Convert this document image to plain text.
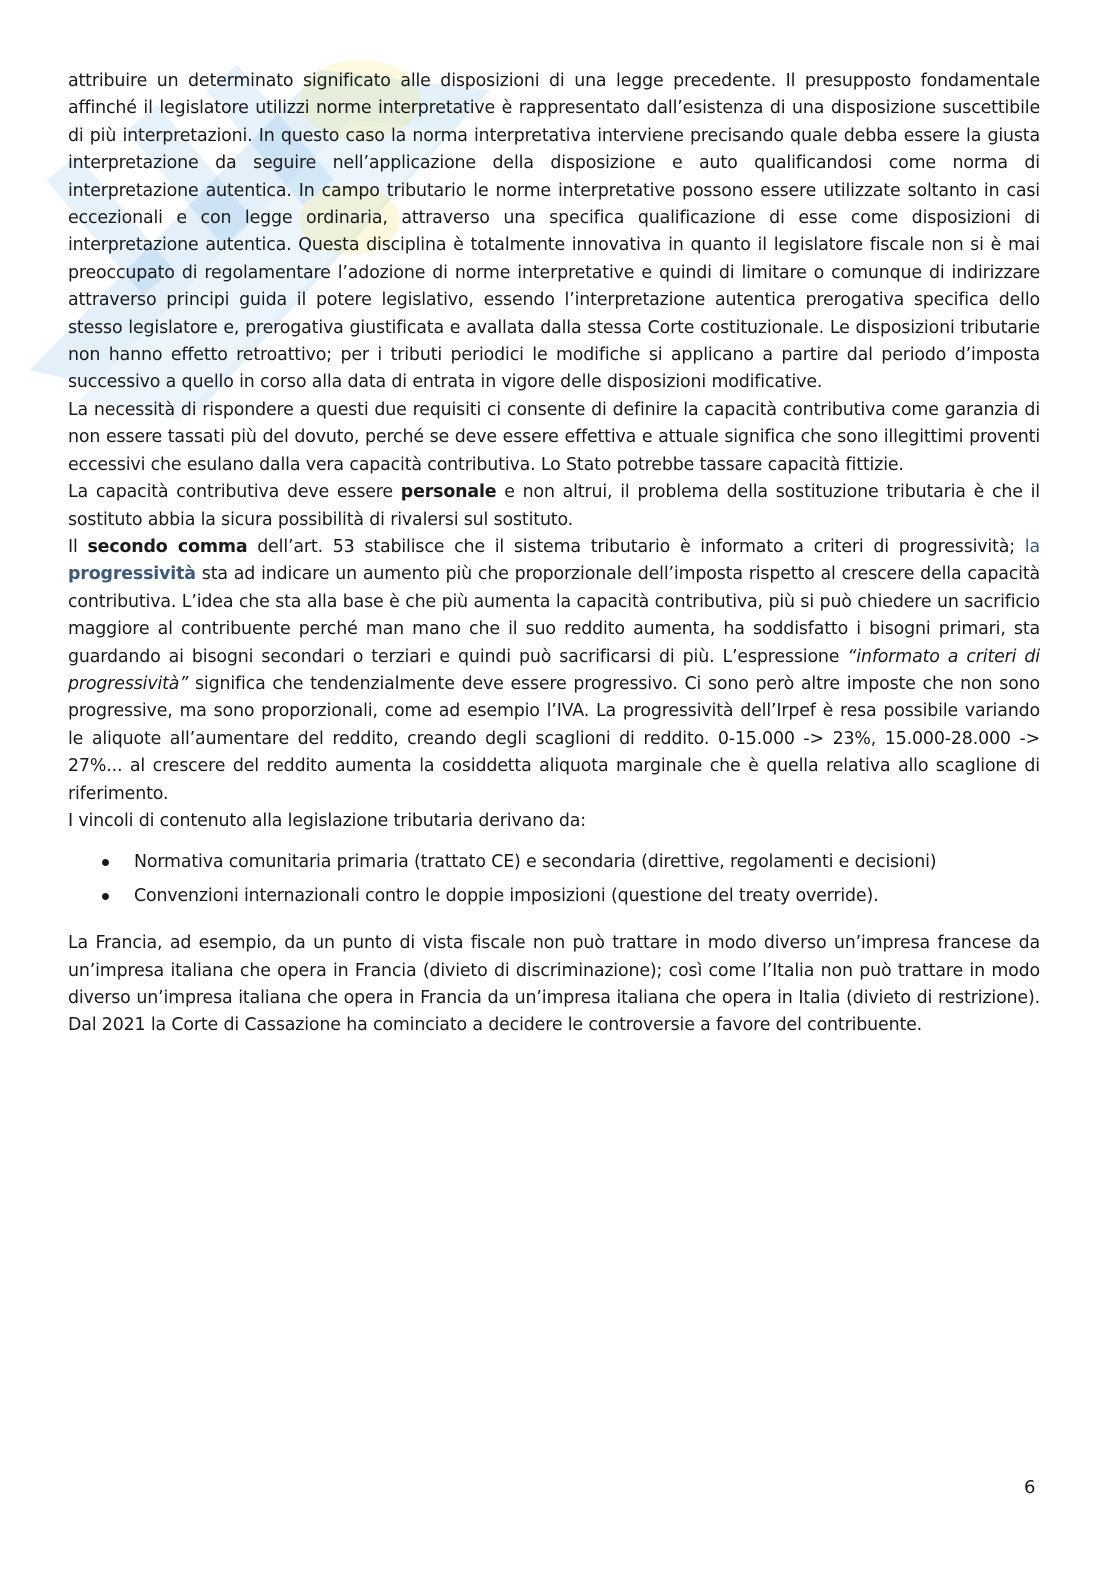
attribuire un determinato significato alle disposizioni di una legge precedente. Il presupposto fondamentale affinché il legislatore utilizzi norme interpretative è rappresentato dall’esistenza di una disposizione suscettibile di più interpretazioni. In questo caso la norma interpretativa interviene precisando quale debba essere la giusta interpretazione da seguire nell’applicazione della disposizione e auto qualificandosi come norma di interpretazione autentica. In campo tributario le norme interpretative possono essere utilizzate soltanto in casi eccezionali e con legge ordinaria, attraverso una specifica qualificazione di esse come disposizioni di interpretazione autentica. Questa disciplina è totalmente innovativa in quanto il legislatore fiscale non si è mai preoccupato di regolamentare l’adozione di norme interpretative e quindi di limitare o comunque di indirizzare attraverso principi guida il potere legislativo, essendo l’interpretazione autentica prerogativa specifica dello stesso legislatore e, prerogativa giustificata e avallata dalla stessa Corte costituzionale. Le disposizioni tributarie non hanno effetto retroattivo; per i tributi periodici le modifiche si applicano a partire dal periodo d’imposta successivo a quello in corso alla data di entrata in vigore delle disposizioni modificative.

La necessità di rispondere a questi due requisiti ci consente di definire la capacità contributiva come garanzia di non essere tassati più del dovuto, perché se deve essere effettiva e attuale significa che sono illegittimi proventi eccessivi che esulano dalla vera capacità contributiva. Lo Stato potrebbe tassare capacità fittizie.

La capacità contributiva deve essere personale e non altrui, il problema della sostituzione tributaria è che il sostituto abbia la sicura possibilità di rivalersi sul sostituto.

Il secondo comma dell’art. 53 stabilisce che il sistema tributario è informato a criteri di progressività; la progressività sta ad indicare un aumento più che proporzionale dell’imposta rispetto al crescere della capacità contributiva. L’idea che sta alla base è che più aumenta la capacità contributiva, più si può chiedere un sacrificio maggiore al contribuente perché man mano che il suo reddito aumenta, ha soddisfatto i bisogni primari, sta guardando ai bisogni secondari o terziari e quindi può sacrificarsi di più. L’espressione “informato a criteri di progressività” significa che tendenzialmente deve essere progressivo. Ci sono però altre imposte che non sono progressive, ma sono proporzionali, come ad esempio l’IVA. La progressività dell’Irpef è resa possibile variando le aliquote all’aumentare del reddito, creando degli scaglioni di reddito. 0-15.000 -> 23%, 15.000-28.000 -> 27%... al crescere del reddito aumenta la cosiddetta aliquota marginale che è quella relativa allo scaglione di riferimento.

I vincoli di contenuto alla legislazione tributaria derivano da:

Normativa comunitaria primaria (trattato CE) e secondaria (direttive, regolamenti e decisioni)
Convenzioni internazionali contro le doppie imposizioni (questione del treaty override).

La Francia, ad esempio, da un punto di vista fiscale non può trattare in modo diverso un’impresa francese da un’impresa italiana che opera in Francia (divieto di discriminazione); così come l’Italia non può trattare in modo diverso un’impresa italiana che opera in Francia da un’impresa italiana che opera in Italia (divieto di restrizione). Dal 2021 la Corte di Cassazione ha cominciato a decidere le controversie a favore del contribuente.

6
